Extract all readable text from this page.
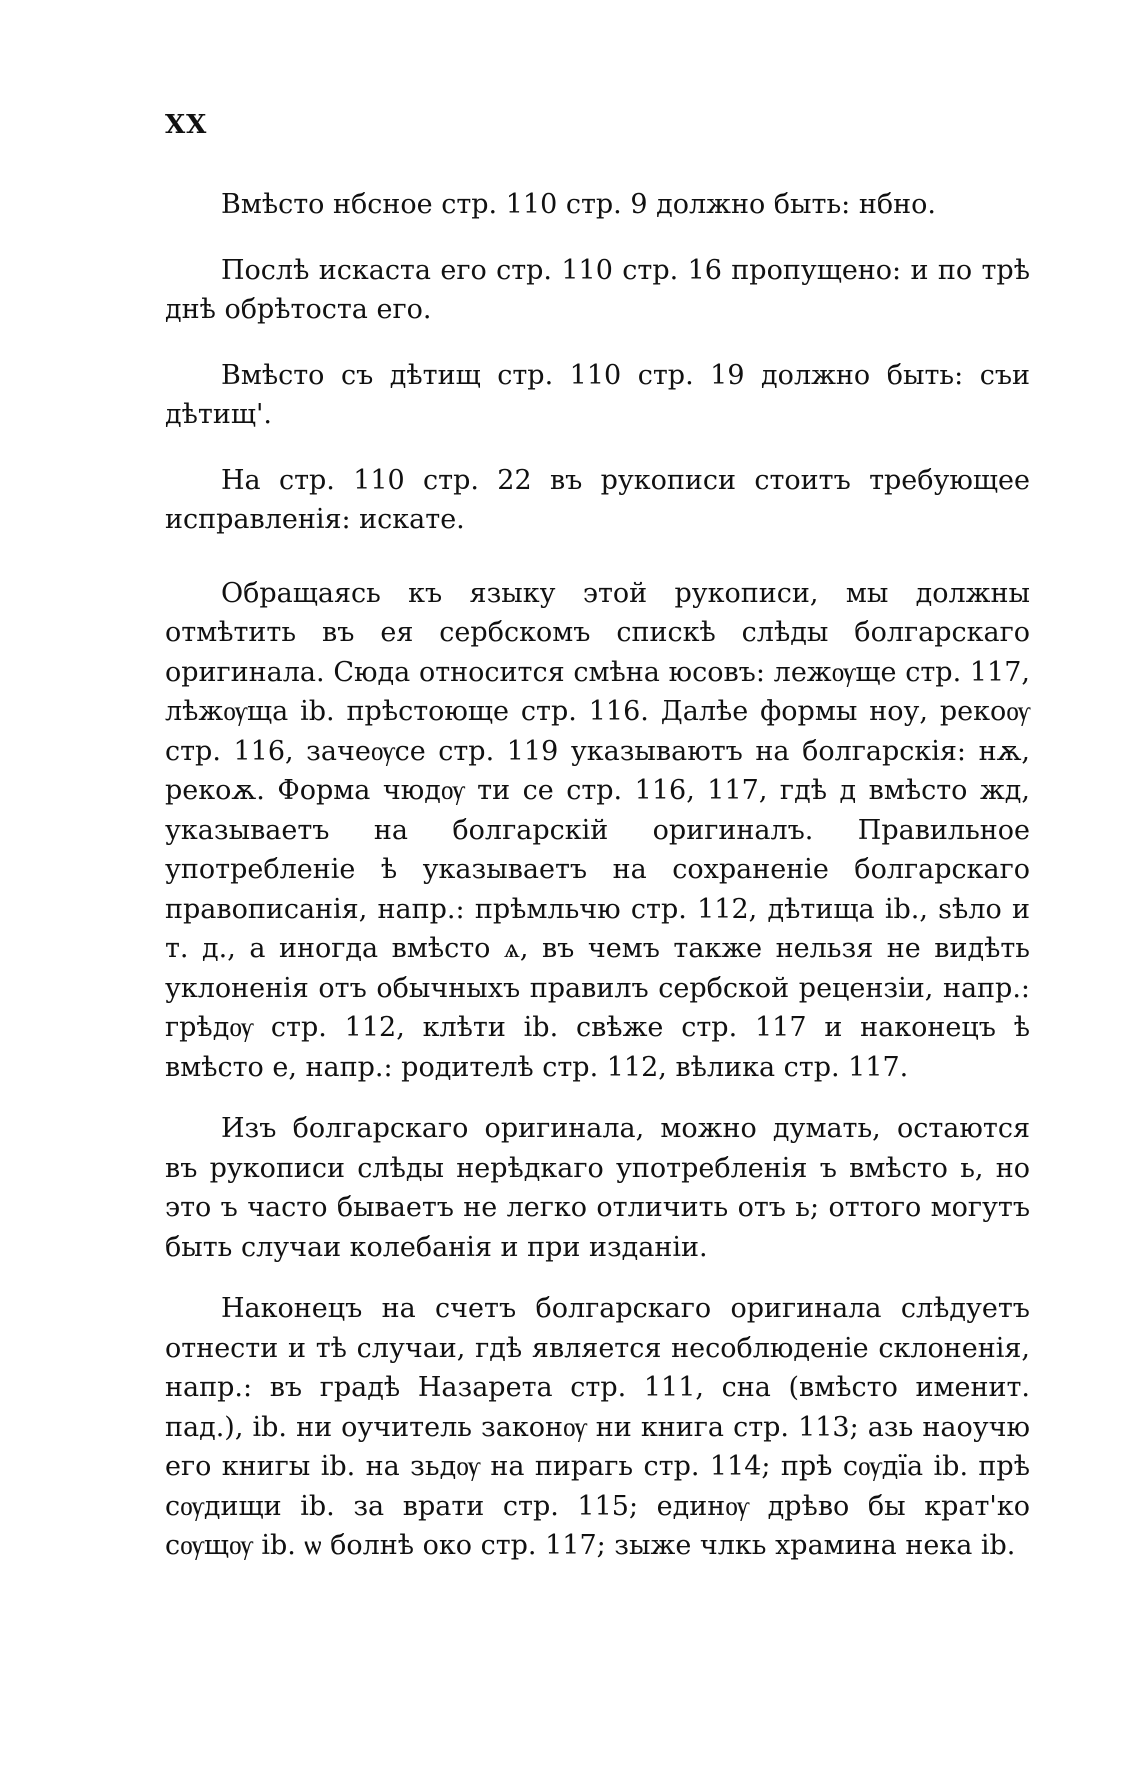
XX

Вмѣсто нбснoе стр. 110 стр. 9 должно быть: нбно.

Послѣ искаста его стр. 110 стр. 16 пропущено: и по трѣ днѣ обрѣтоста его.

Вмѣсто съ дѣтищ стр. 110 стр. 19 должно быть: съи дѣтищ'.

На стр. 110 стр. 22 въ рукописи стоитъ требующее исправленія: искате.

Обращаясь къ языку этой рукописи, мы должны отмѣтить въ ея сербскомъ спискѣ слѣды болгарскаго оригинала. Сюда относится смѣна юсовъ: лежѹще стр. 117, лѣжѹща ib. прѣстоюще стр. 116. Далѣе формы ноу, рекоѹ стр. 116, зачеѹсе стр. 119 указываютъ на болгарскія: нѫ, рекоѫ. Форма чюдѹ ти се стр. 116, 117, гдѣ д вмѣсто жд, указываетъ на болгарскій оригиналъ. Правильное употребленіе ѣ указываетъ на сохраненіе болгарскаго правописанія, напр.: прѣмльчю стр. 112, дѣтища ib., ѕѣло и т. д., а иногда вмѣсто ѧ, въ чемъ также нельзя не видѣть уклоненія отъ обычныхъ правилъ сербской рецензіи, напр.: грѣдѹ стр. 112, клѣти ib. свѣже стр. 117 и наконецъ ѣ вмѣсто е, напр.: родителѣ стр. 112, вѣлика стр. 117.

Изъ болгарскаго оригинала, можно думать, остаются въ рукописи слѣды нерѣдкаго употребленія ъ вмѣсто ь, но это ъ часто бываетъ не легко отличить отъ ь; оттого могутъ быть случаи колебанія и при изданіи.

Наконецъ на счетъ болгарскаго оригинала слѣдуетъ отнести и тѣ случаи, гдѣ является несоблюденіе склоненія, напр.: въ градѣ Назарета стр. 111, сна (вмѣсто именит. пад.), ib. ни оучитель законѹ ни книга стр. 113; азь наоучю его книгы ib. на зьдѹ на пирагь стр. 114; прѣ сѹдїа ib. прѣ сѹдищи ib. за врати стр. 115; единѹ дрѣво бы крат'ко сѹщѹ ib. ѡ болнѣ око стр. 117; зыже члкь храмина нека ib.
